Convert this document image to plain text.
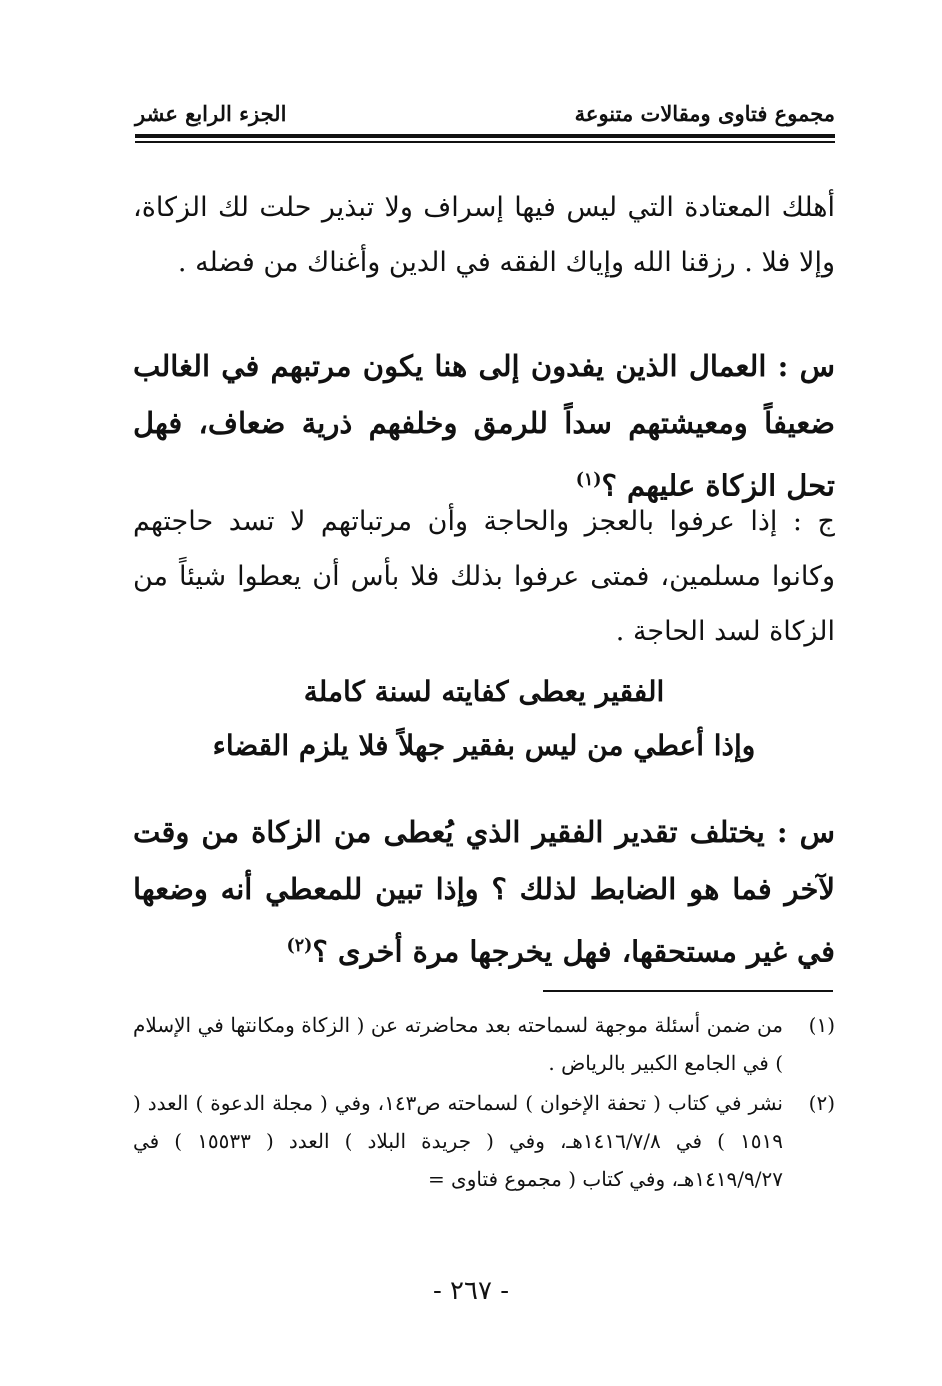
مجموع فتاوى ومقالات متنوعة
الجزء الرابع عشر
أهلك المعتادة التي ليس فيها إسراف ولا تبذير حلت لك الزكاة، وإلا فلا . رزقنا الله وإياك الفقه في الدين وأغناك من فضله .
س : العمال الذين يفدون إلى هنا يكون مرتبهم في الغالب ضعيفاً ومعيشتهم سداً للرمق وخلفهم ذرية ضعاف، فهل تحل الزكاة عليهم ؟$^{(١)}$
ج : إذا عرفوا بالعجز والحاجة وأن مرتباتهم لا تسد حاجتهم وكانوا مسلمين، فمتى عرفوا بذلك فلا بأس أن يعطوا شيئاً من الزكاة لسد الحاجة .
الفقير يعطى كفايته لسنة كاملة
وإذا أعطي من ليس بفقير جهلاً فلا يلزم القضاء
س : يختلف تقدير الفقير الذي يُعطى من الزكاة من وقت لآخر فما هو الضابط لذلك ؟ وإذا تبين للمعطي أنه وضعها في غير مستحقها، فهل يخرجها مرة أخرى ؟$^{(٢)}$
(١)
من ضمن أسئلة موجهة لسماحته بعد محاضرته عن ( الزكاة ومكانتها في الإسلام ) في الجامع الكبير بالرياض .
(٢)
نشر في كتاب ( تحفة الإخوان ) لسماحته ص١٤٣، وفي ( مجلة الدعوة ) العدد ( ١٥١٩ ) في ١٤١٦/٧/٨هـ، وفي ( جريدة البلاد ) العدد ( ١٥٥٣٣ ) في ١٤١٩/٩/٢٧هـ، وفي كتاب ( مجموع فتاوى =
- ٢٦٧ -
